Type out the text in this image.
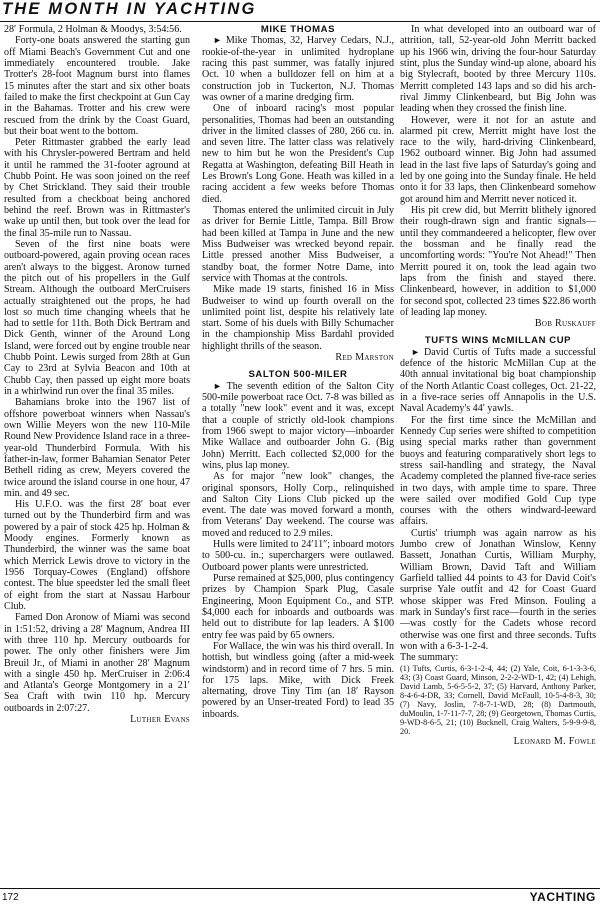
THE MONTH IN YACHTING

28′ Formula, 2 Holman & Moodys, 3:54:56.

Forty-one boats answered the starting gun off Miami Beach's Government Cut and one immediately encountered trouble. Jake Trotter's 28-foot Magnum burst into flames 15 minutes after the start and six other boats failed to make the first checkpoint at Gun Cay in the Bahamas. Trotter and his crew were rescued from the drink by the Coast Guard, but their boat went to the bottom.

Peter Rittmaster grabbed the early lead with his Chrysler-powered Bertram and held it until he rammed the 31-footer aground at Chubb Point. He was soon joined on the reef by Chet Strickland. They said their trouble resulted from a checkboat being anchored behind the reef. Brown was in Rittmaster's wake up until then, but took over the lead for the final 35-mile run to Nassau.

Seven of the first nine boats were outboard-powered, again proving ocean races aren't always to the biggest. Aronow turned the pitch out of his propellers in the Gulf Stream. Although the outboard MerCruisers actually straightened out the props, he had lost so much time changing wheels that he had to settle for 11th. Both Dick Bertram and Dick Genth, winner of the Around Long Island, were forced out by engine trouble near Chubb Point. Lewis surged from 28th at Gun Cay to 23rd at Sylvia Beacon and 10th at Chubb Cay, then passed up eight more boats in a whirlwind run over the final 35 miles.

Bahamians broke into the 1967 list of offshore powerboat winners when Nassau's own Willie Meyers won the new 110-Mile Round New Providence Island race in a three-year-old Thunderbird Formula. With his father-in-law, former Bahamian Senator Peter Bethell riding as crew, Meyers covered the twice around the island course in one hour, 47 min. and 49 sec.

His U.F.O. was the first 28′ boat ever turned out by the Thunderbird firm and was powered by a pair of stock 425 hp. Holman & Moody engines. Formerly known as Thunderbird, the winner was the same boat which Merrick Lewis drove to victory in the 1956 Torquay-Cowes (England) offshore contest. The blue speedster led the small fleet of eight from the start at Nassau Harbour Club.

Famed Don Aronow of Miami was second in 1:51:52, driving a 28′ Magnum, Andrea III with three 110 hp. Mercury outboards for power. The only other finishers were Jim Breuil Jr., of Miami in another 28′ Magnum with a single 450 hp. MerCruiser in 2:06:4 and Atlanta's George Montgomery in a 21′ Sea Craft with twin 110 hp. Mercury outboards in 2:07:27.

Luther Evans

MIKE THOMAS

► Mike Thomas, 32, Harvey Cedars, N.J., rookie-of-the-year in unlimited hydroplane racing this past summer, was fatally injured Oct. 10 when a bulldozer fell on him at a construction job in Tuckerton, N.J. Thomas was owner of a marine dredging firm.

One of inboard racing's most popular personalities, Thomas had been an outstanding driver in the limited classes of 280, 266 cu. in. and seven litre. The latter class was relatively new to him but he won the President's Cup Regatta at Washington, defeating Bill Heath in Les Brown's Long Gone. Heath was killed in a racing accident a few weeks before Thomas died.

Thomas entered the unlimited circuit in July as driver for Bernie Little, Tampa. Bill Brow had been killed at Tampa in June and the new Miss Budweiser was wrecked beyond repair. Little pressed another Miss Budweiser, a standby boat, the former Notre Dame, into service with Thomas at the controls.

Mike made 19 starts, finished 16 in Miss Budweiser to wind up fourth overall on the unlimited point list, despite his relatively late start. Some of his duels with Billy Schumacher in the championship Miss Bardahl provided highlight thrills of the season.

Red Marston

SALTON 500-MILER

► The seventh edition of the Salton City 500-mile powerboat race Oct. 7-8 was billed as a totally "new look" event and it was, except that a couple of strictly old-look champions from 1966 swept to major victory—inboarder Mike Wallace and outboarder John G. (Big John) Merritt. Each collected $2,000 for the wins, plus lap money.

As for major "new look" changes, the original sponsors, Holly Corp., relinquished and Salton City Lions Club picked up the event. The date was moved forward a month, from Veterans' Day weekend. The course was moved and reduced to 2.9 miles.

Hulls were limited to 24′11″; inboard motors to 500-cu. in.; superchargers were outlawed. Outboard power plants were unrestricted.

Purse remained at $25,000, plus contingency prizes by Champion Spark Plug, Casale Engineering, Moon Equipment Co., and STP. $4,000 each for inboards and outboards was held out to distribute for lap leaders. A $100 entry fee was paid by 65 owners.

For Wallace, the win was his third overall. In hottish, but windless going (after a mid-week windstorm) and in record time of 7 hrs. 5 min. for 175 laps. Mike, with Dick Freek alternating, drove Tiny Tim (an 18′ Rayson powered by an Unser-treated Ford) to lead 35 inboards.

In what developed into an outboard war of attrition, tall, 52-year-old John Merritt backed up his 1966 win, driving the four-hour Saturday stint, plus the Sunday wind-up alone, aboard his big Stylecraft, booted by three Mercury 110s. Merritt completed 143 laps and so did his arch-rival Jimmy Clinkenbeard, but Big John was leading when they crossed the finish line.

However, were it not for an astute and alarmed pit crew, Merritt might have lost the race to the wily, hard-driving Clinkenbeard, 1962 outboard winner. Big John had assumed lead in the last five laps of Saturday's going and led by one going into the Sunday finale. He held onto it for 33 laps, then Clinkenbeard somehow got around him and Merritt never noticed it.

His pit crew did, but Merritt blithely ignored their rough-drawn sign and frantic signals—until they commandeered a helicopter, flew over the bossman and he finally read the uncomforting words: "You're Not Ahead!" Then Merritt poured it on, took the lead again two laps from the finish and stayed there. Clinkenbeard, however, in addition to $1,000 for second spot, collected 23 times $22.86 worth of leading lap money.

Bob Ruskauff

TUFTS WINS McMILLAN CUP

► David Curtis of Tufts made a successful defence of the historic McMillan Cup at the 40th annual invitational big boat championship of the North Atlantic Coast colleges, Oct. 21-22, in a five-race series off Annapolis in the U.S. Naval Academy's 44′ yawls.

For the first time since the McMillan and Kennedy Cup series were shifted to competition using special marks rather than government buoys and featuring comparatively short legs to stress sail-handling and strategy, the Naval Academy completed the planned five-race series in two days, with ample time to spare. Three were sailed over modified Gold Cup type courses with the others windward-leeward affairs.

Curtis' triumph was again narrow as his Jumbo crew of Jonathan Winslow, Kenny Bassett, Jonathan Curtis, William Murphy, William Brown, David Taft and William Garfield tallied 44 points to 43 for David Coit's surprise Yale outfit and 42 for Coast Guard whose skipper was Fred Minson. Fouling a mark in Sunday's first race—fourth in the series—was costly for the Cadets whose record otherwise was one first and three seconds. Tufts won with a 6-3-1-2-4.

The summary:

(1) Tufts, Curtis, 6-3-1-2-4, 44; (2) Yale, Coit, 6-1-3-3-6, 43; (3) Coast Guard, Minson, 2-2-2-WD-1, 42; (4) Lehigh, David Lamb, 5-6-5-5-2, 37; (5) Harvard, Anthony Parker, 8-4-6-4-DR, 33; Cornell, David McFaull, 10-5-4-8-3, 30; (7) Navy, Joslin, 7-8-7-1-WD, 28; (8) Dartmouth, duMoulin, 1-7-11-7-7, 28; (9) Georgetown, Thomas Curtis, 9-WD-8-6-5, 21; (10) Bucknell, Craig Walters, 5-9-9-9-8, 20.

Leonard M. Fowle

172	YACHTING
